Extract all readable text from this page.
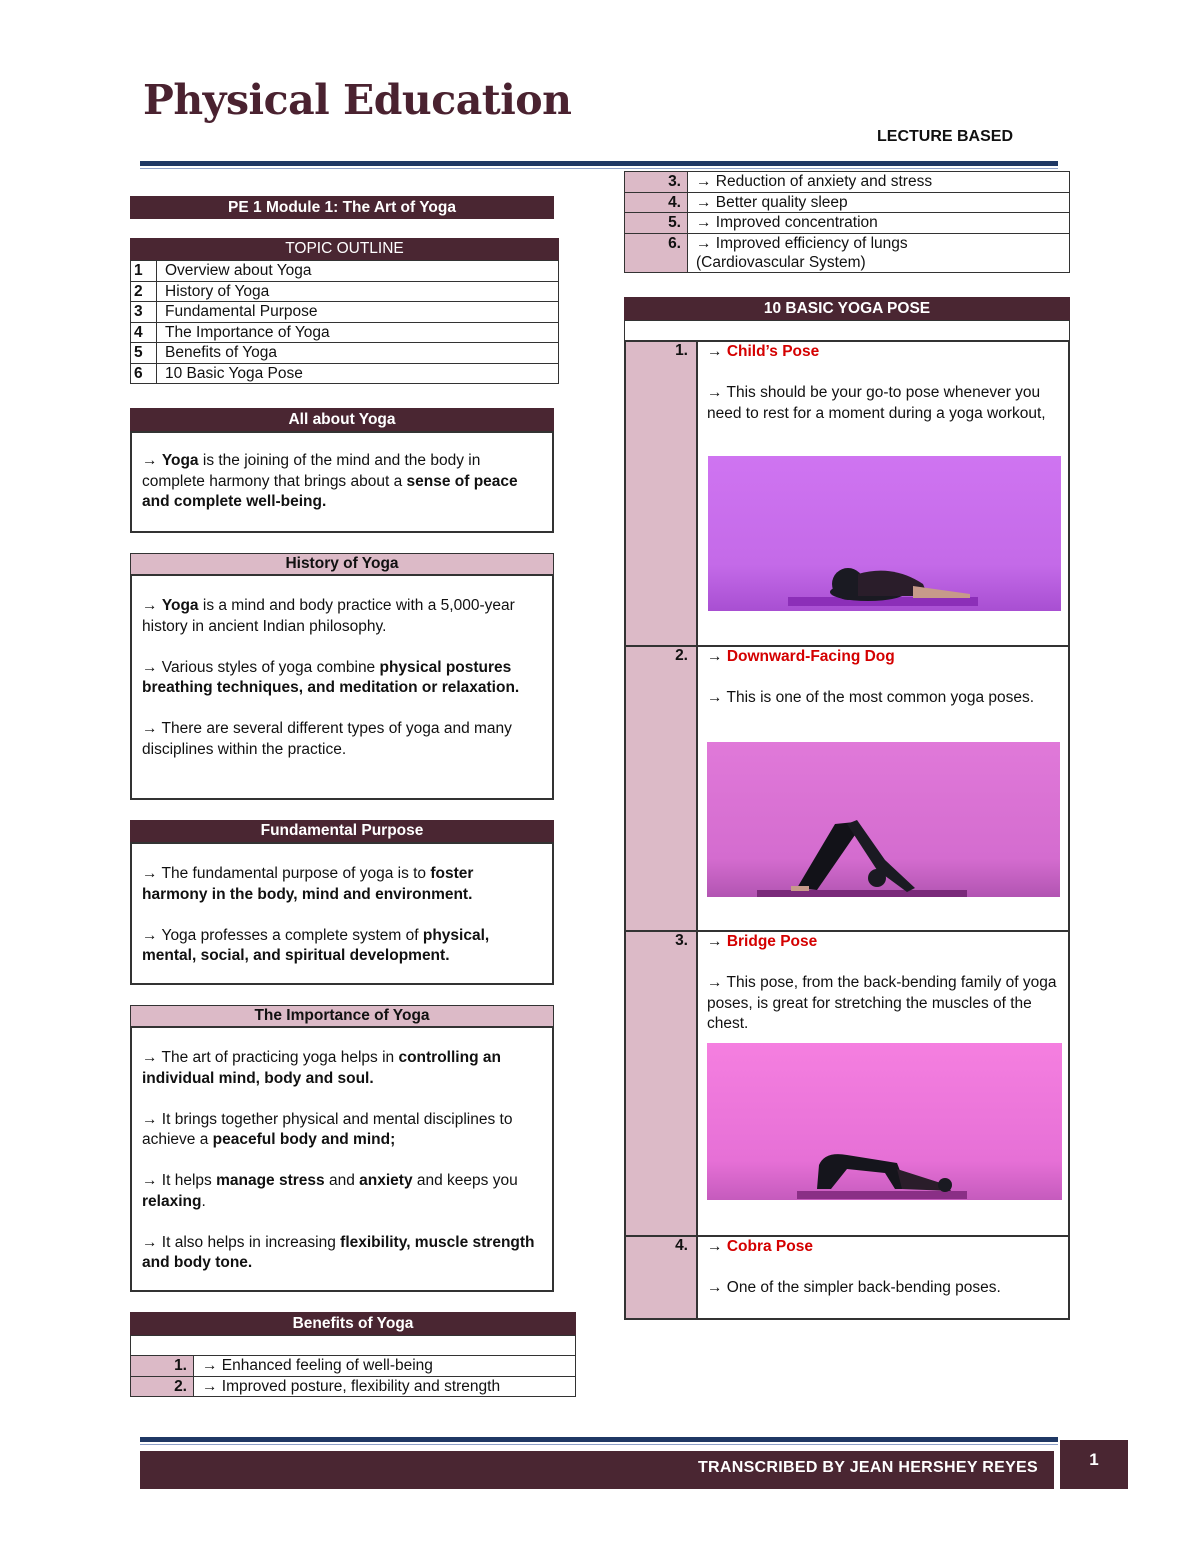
Physical Education
LECTURE BASED
PE 1 Module 1: The Art of Yoga
TOPIC OUTLINE
1	Overview about Yoga
2	History of Yoga
3	Fundamental Purpose
4	The Importance of Yoga
5	Benefits of Yoga
6	10 Basic Yoga Pose
All about Yoga

→ Yoga is the joining of the mind and the body in complete harmony that brings about a sense of peace and complete well-being.

History of Yoga

→ Yoga is a mind and body practice with a 5,000-year history in ancient Indian philosophy.

→ Various styles of yoga combine physical postures breathing techniques, and meditation or relaxation.

→ There are several different types of yoga and many disciplines within the practice.

Fundamental Purpose

→ The fundamental purpose of yoga is to foster harmony in the body, mind and environment.

→ Yoga professes a complete system of physical, mental, social, and spiritual development.

The Importance of Yoga

→ The art of practicing yoga helps in controlling an individual mind, body and soul.

→ It brings together physical and mental disciplines to achieve a peaceful body and mind;

→ It helps manage stress and anxiety and keeps you relaxing.

→ It also helps in increasing flexibility, muscle strength and body tone.

Benefits of Yoga

1.	→ Enhanced feeling of well-being
2.	→ Improved posture, flexibility and strength
3.	→ Reduction of anxiety and stress
4.	→ Better quality sleep
5.	→ Improved concentration
6.	→ Improved efficiency of lungs
(Cardiovascular System)
10 BASIC YOGA POSE
1. → Child’s Pose
→ This should be your go-to pose whenever you need to rest for a moment during a yoga workout,
2. → Downward-Facing Dog
→ This is one of the most common yoga poses.
3. → Bridge Pose
→ This pose, from the back-bending family of yoga poses, is great for stretching the muscles of the chest.
4. → Cobra Pose
→ One of the simpler back-bending poses.
TRANSCRIBED BY JEAN HERSHEY REYES	1
